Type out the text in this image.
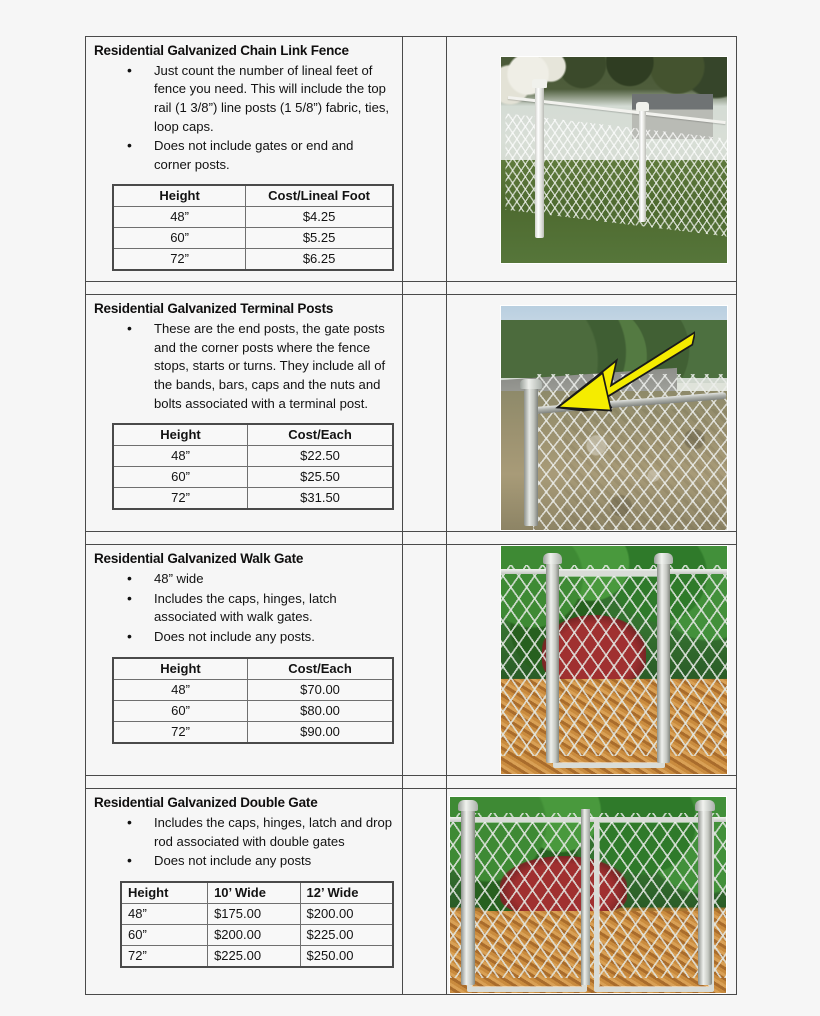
Residential Galvanized Chain Link Fence
• Just count the number of lineal feet of fence you need. This will include the top rail (1 3/8”) line posts (1 5/8”) fabric, ties, loop caps.
• Does not include gates or end and corner posts.
Height	Cost/Lineal Foot
48”	$4.25
60”	$5.25
72”	$6.25

Residential Galvanized Terminal Posts
• These are the end posts, the gate posts and the corner posts where the fence stops, starts or turns. They include all of the bands, bars, caps and the nuts and bolts associated with a terminal post.
Height	Cost/Each
48”	$22.50
60”	$25.50
72”	$31.50

Residential Galvanized Walk Gate
• 48” wide
• Includes the caps, hinges, latch associated with walk gates.
• Does not include any posts.
Height	Cost/Each
48”	$70.00
60”	$80.00
72”	$90.00

Residential Galvanized Double Gate
• Includes the caps, hinges, latch and drop rod associated with double gates
• Does not include any posts
Height	10’ Wide	12’ Wide
48”	$175.00	$200.00
60”	$200.00	$225.00
72”	$225.00	$250.00
